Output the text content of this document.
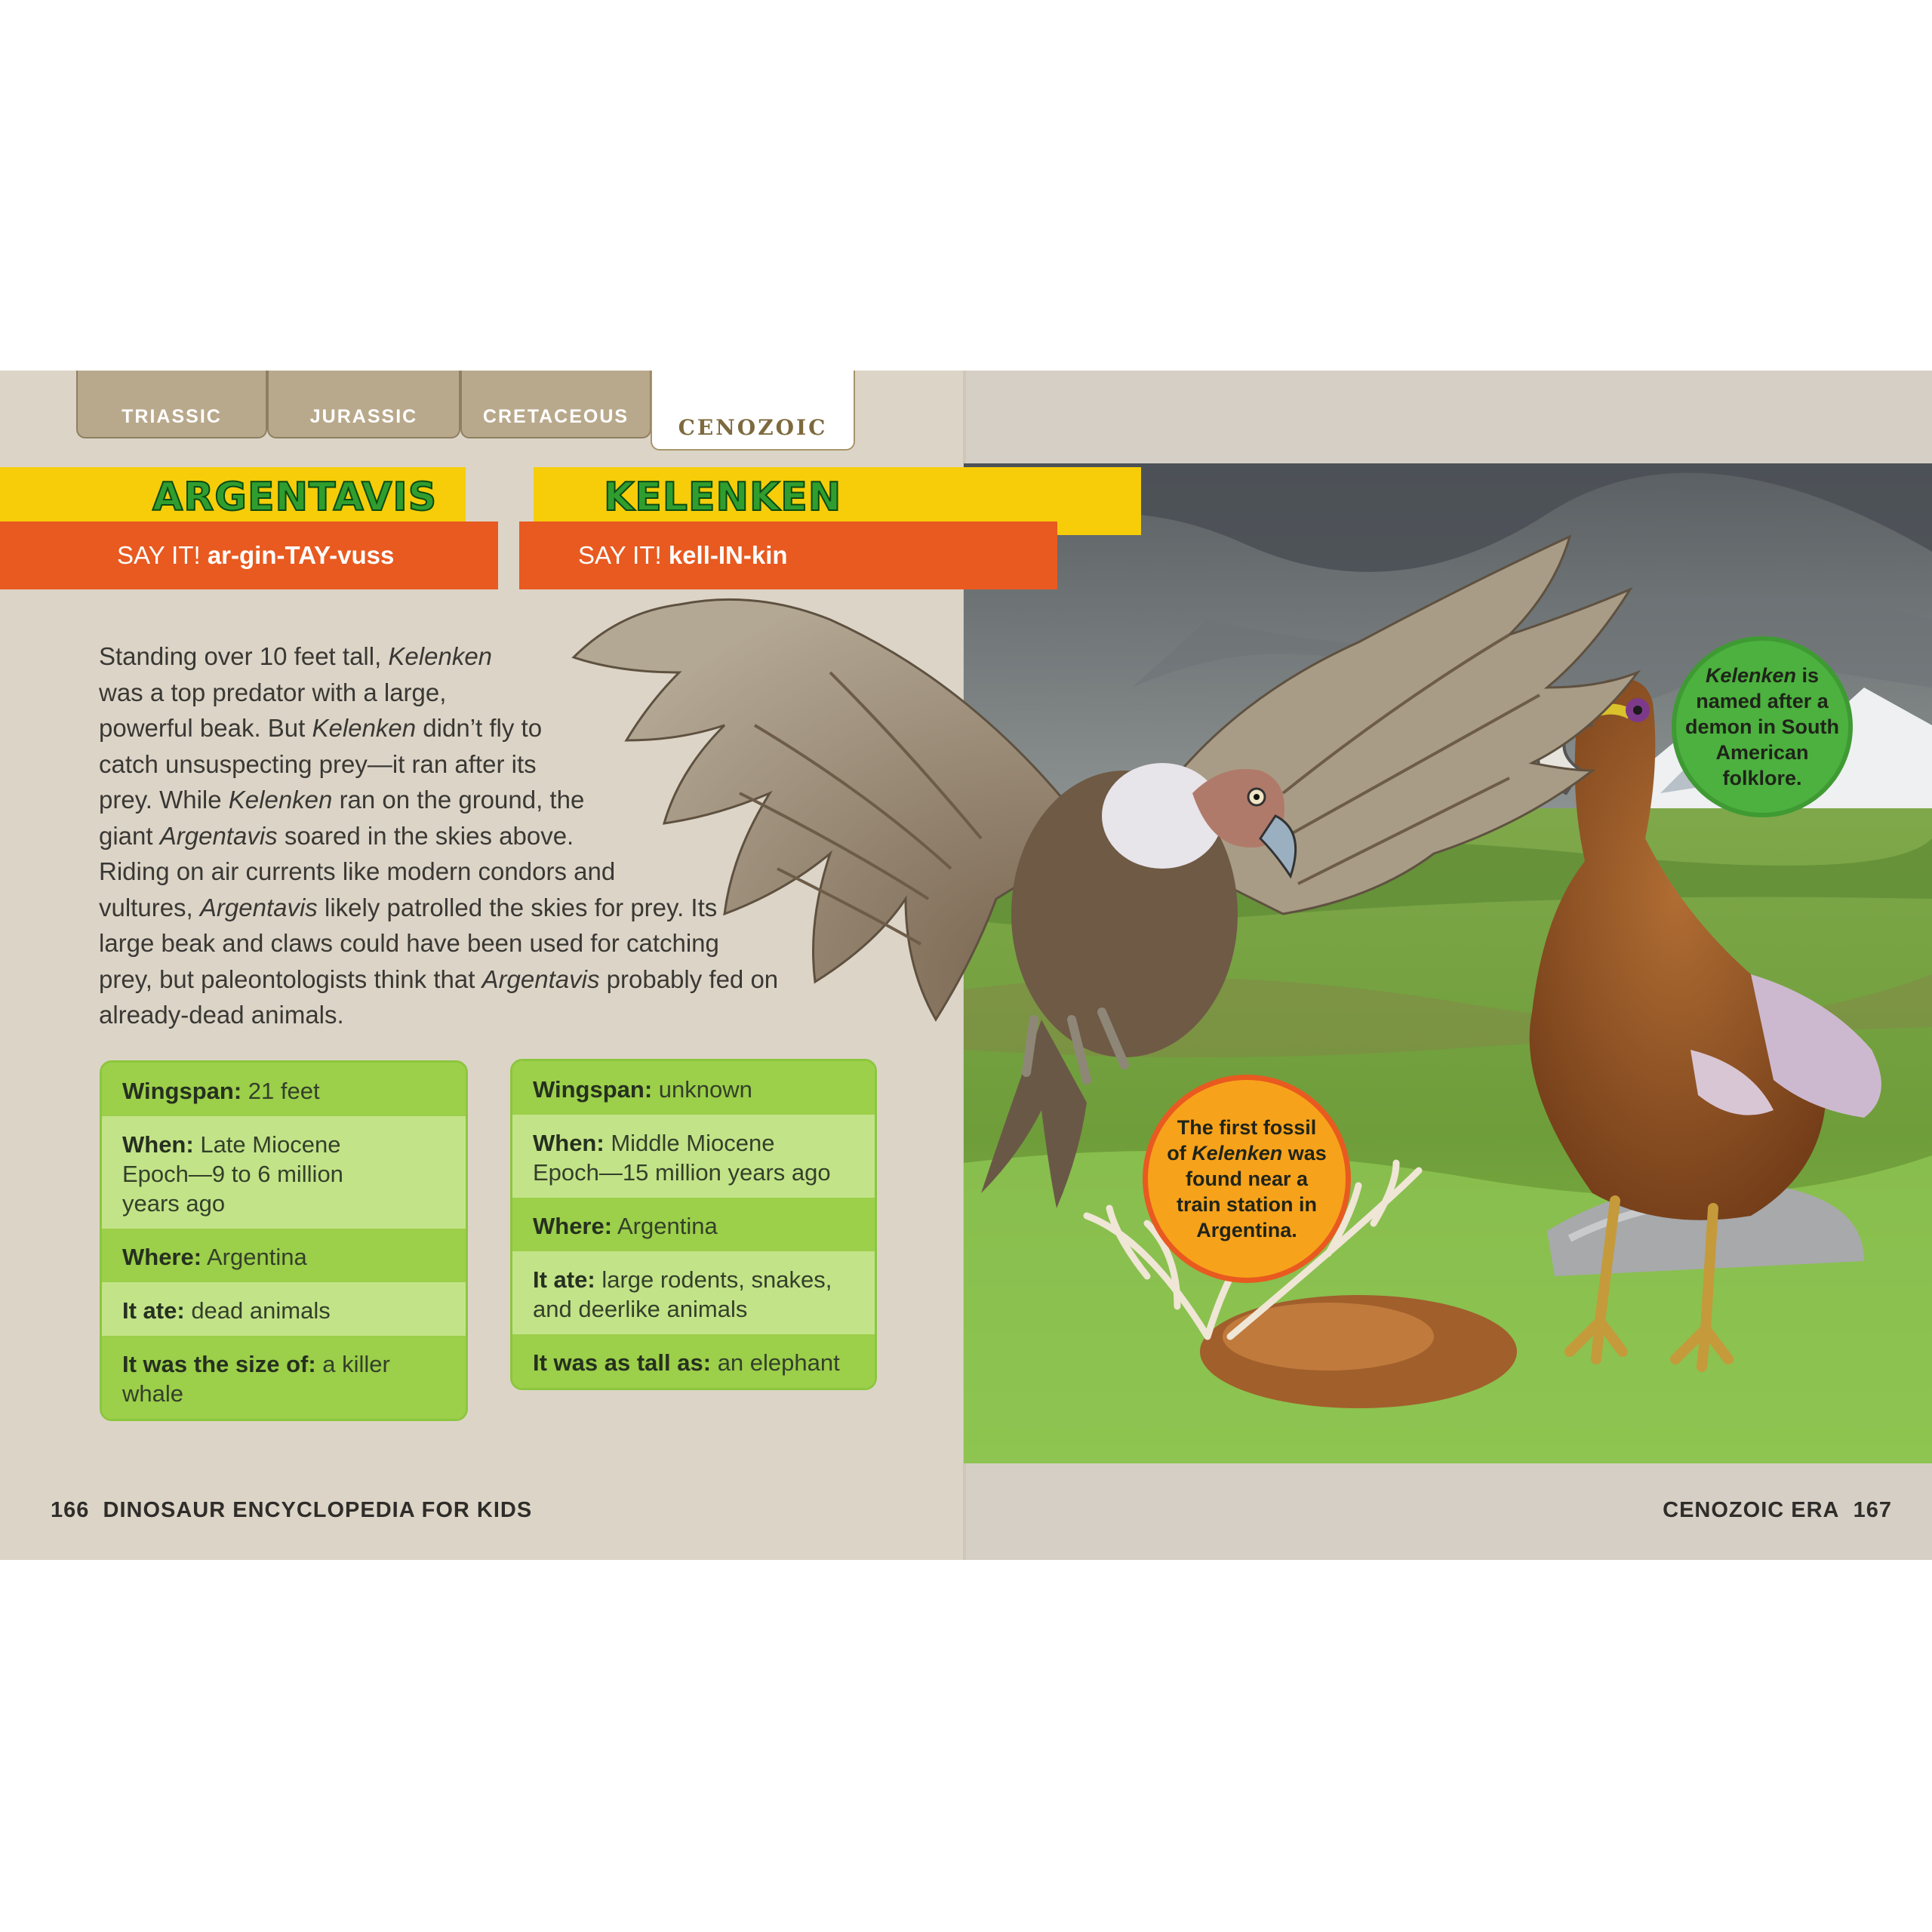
TRIASSIC	JURASSIC	CRETACEOUS	CENOZOIC
ARGENTAVIS
SAY IT! ar-gin-TAY-vuss
KELENKEN
SAY IT! kell-IN-kin
Standing over 10 feet tall, Kelenken
was a top predator with a large,
powerful beak. But Kelenken didn’t fly to
catch unsuspecting prey—it ran after its
prey. While Kelenken ran on the ground, the
giant Argentavis soared in the skies above.
Riding on air currents like modern condors and
vultures, Argentavis likely patrolled the skies for prey. Its
large beak and claws could have been used for catching
prey, but paleontologists think that Argentavis probably fed on
already-dead animals.
Wingspan: 21 feet
When: Late Miocene
Epoch—9 to 6 million
years ago
Where: Argentina
It ate: dead animals
It was the size of: a killer
whale
Wingspan: unknown
When: Middle Miocene
Epoch—15 million years ago
Where: Argentina
It ate: large rodents, snakes,
and deerlike animals
It was as tall as: an elephant
Kelenken is
named after a
demon in South
American
folklore.
The first fossil
of Kelenken was
found near a
train station in
Argentina.
166 DINOSAUR ENCYCLOPEDIA FOR KIDS	CENOZOIC ERA 167
